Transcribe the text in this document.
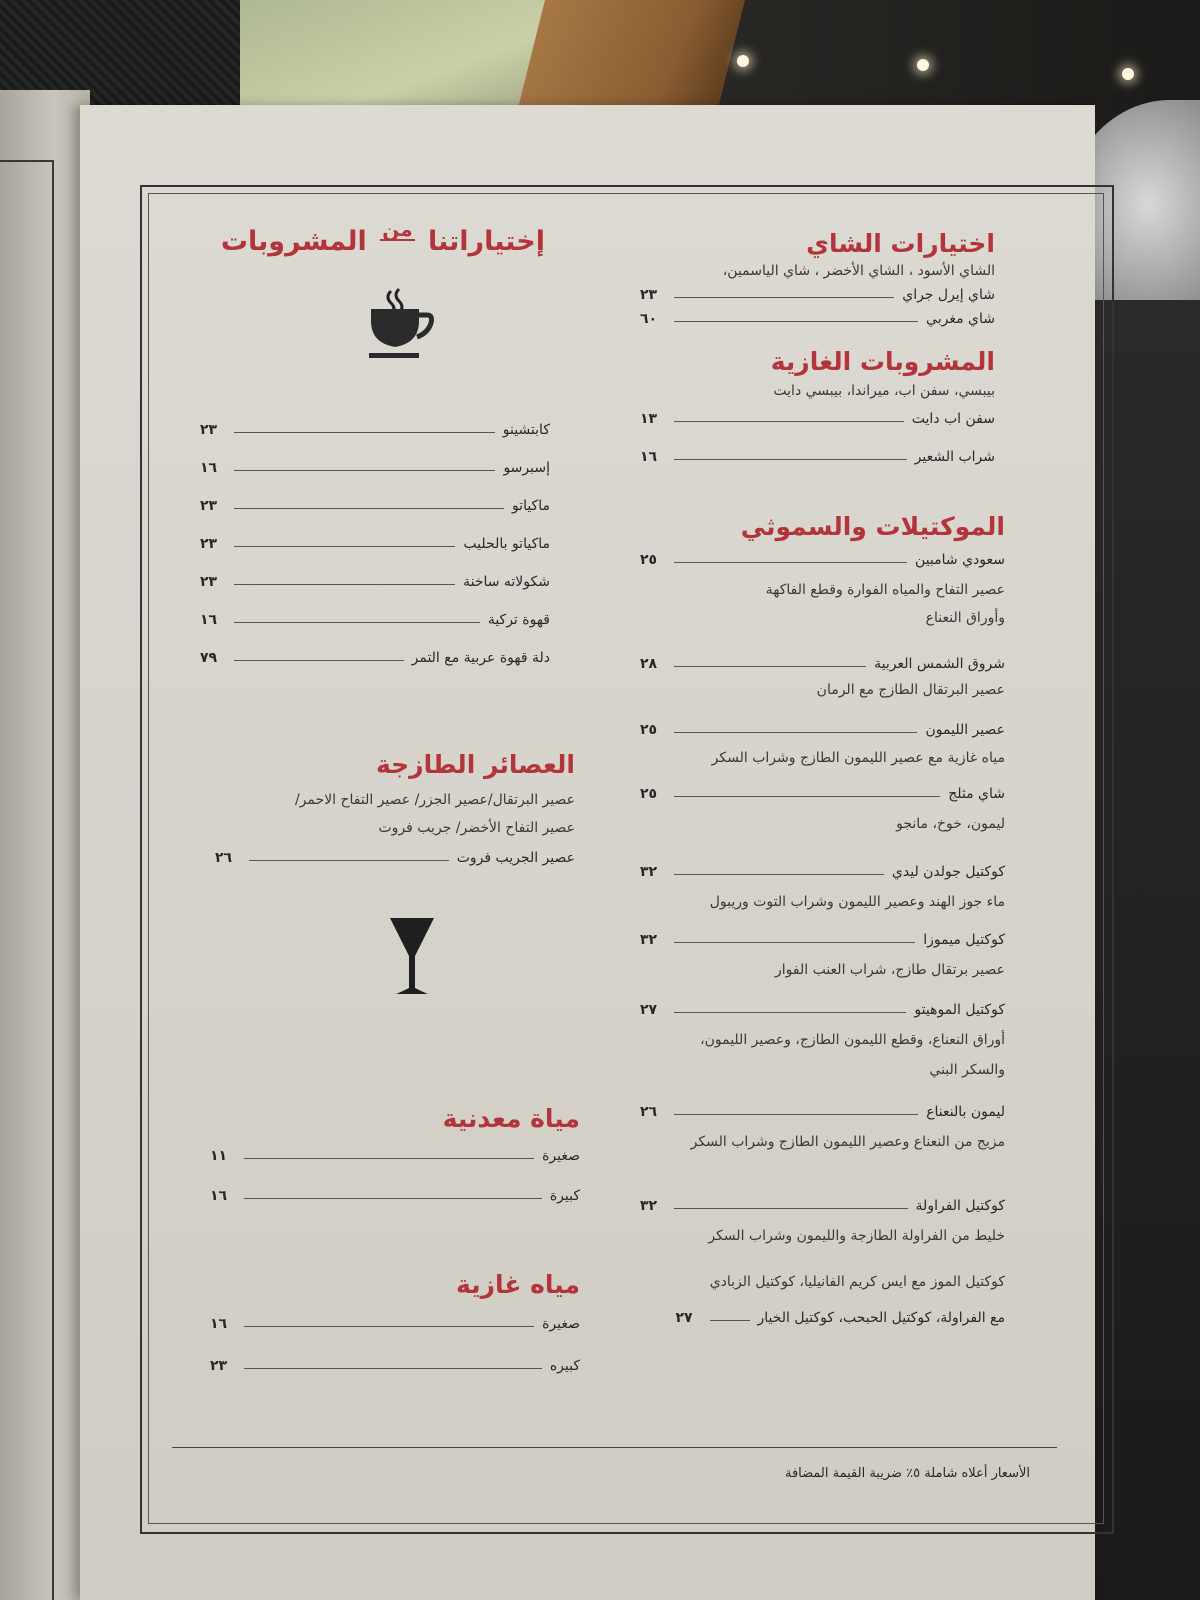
إختياراتنا من المشروبات
كابتشينو
٢٣
إسبرسو
١٦
ماكياتو
٢٣
ماكياتو بالحليب
٢٣
شكولاته ساخنة
٢٣
قهوة تركية
١٦
دلة قهوة عربية مع التمر
٧٩

العصائر الطازجة

عصير البرتقال/عصير الجزر/ عصير التفاح الاحمر/

عصير التفاح الأخضر/ جريب فروت

عصير الجريب فروت
٢٦

مياة معدنية

صغيرة
١١
كبيرة
١٦

مياه غازية

صغيرة
١٦
كبيره
٢٣

اختيارات الشاي

الشاي الأسود ، الشاي الأخضر ، شاي الياسمين،

شاي إيرل جراي
٢٣
شاي مغربي
٦٠

المشروبات الغازية

بيبسي، سفن اب، ميراندا، بيبسي دايت

سفن اب دايت
١٣
شراب الشعير
١٦

الموكتيلات والسموثي

سعودي شامبين
٢٥

عصير التفاح والمياه الفوارة وقطع الفاكهة

وأوراق النعناع

شروق الشمس العربية
٢٨

عصير البرتقال الطازج مع الرمان

عصير الليمون
٢٥

مياه غازية مع عصير الليمون الطازج وشراب السكر

شاي مثلج
٢٥

ليمون، خوخ، مانجو

كوكتيل جولدن ليدي
٣٢

ماء جوز الهند وعصير الليمون وشراب التوت وريبول

كوكتيل ميموزا
٣٢

عصير برتقال طازج، شراب العنب الفوار

كوكتيل الموهيتو
٢٧

أوراق النعناع، وقطع الليمون الطازج، وعصير الليمون،

والسكر البني

ليمون بالنعناع
٢٦

مزيج من النعناع وعصير الليمون الطازج وشراب السكر

كوكتيل الفراولة
٣٢

خليط من الفراولة الطازجة والليمون وشراب السكر

كوكتيل الموز مع ايس كريم الفانيليا، كوكتيل الزبادي

مع الفراولة، كوكتيل الحبحب، كوكتيل الخيار
٢٧
الأسعار أعلاه شاملة ٥٪ ضريبة القيمة المضافة
